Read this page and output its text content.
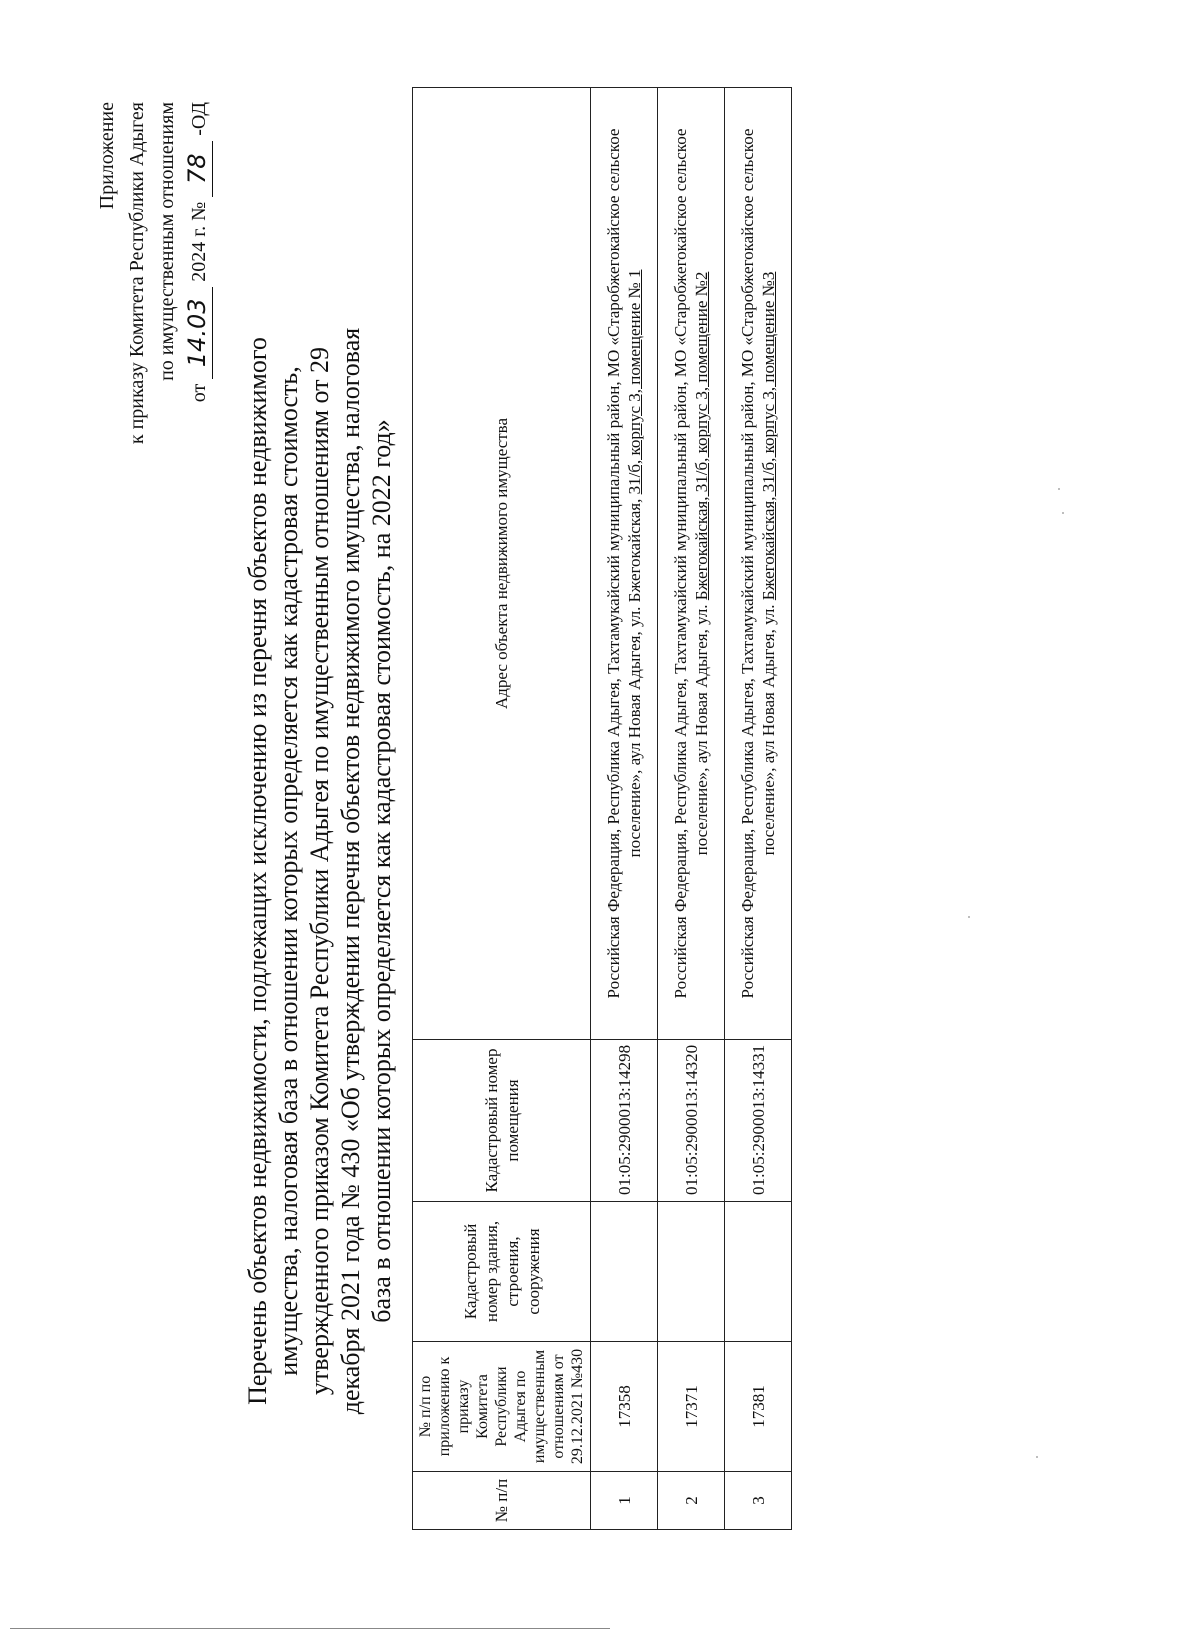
Приложение к приказу Комитета Республики Адыгея по имущественным отношениям
от 14.03 2024 г. № 78 -ОД
Перечень объектов недвижимости, подлежащих исключению из перечня объектов недвижимого имущества, налоговая база в отношении которых определяется как кадастровая стоимость, утвержденного приказом Комитета Республики Адыгея по имущественным отношениям от 29 декабря 2021 года № 430 «Об утверждении перечня объектов недвижимого имущества, налоговая база в отношении которых определяется как кадастровая стоимость, на 2022 год»
№ п/п	№ п/п по приложению к приказу Комитета Республики Адыгея по имущественным отношениям от 29.12.2021 №430	Кадастровый номер здания, строения, сооружения	Кадастровый номер помещения	Адрес объекта недвижимого имущества
1	17358		01:05:2900013:14298	Российская Федерация, Республика Адыгея, Тахтамукайский муниципальный район, МО «Старобжегокайское сельское поселение», аул Новая Адыгея, ул. Бжегокайская, 31/б, корпус 3, помещение № 1
2	17371		01:05:2900013:14320	Российская Федерация, Республика Адыгея, Тахтамукайский муниципальный район, МО «Старобжегокайское сельское поселение», аул Новая Адыгея, ул. Бжегокайская, 31/б, корпус 3, помещение №2
3	17381		01:05:2900013:14331	Российская Федерация, Республика Адыгея, Тахтамукайский муниципальный район, МО «Старобжегокайское сельское поселение», аул Новая Адыгея, ул. Бжегокайская, 31/б, корпус 3, помещение №3
